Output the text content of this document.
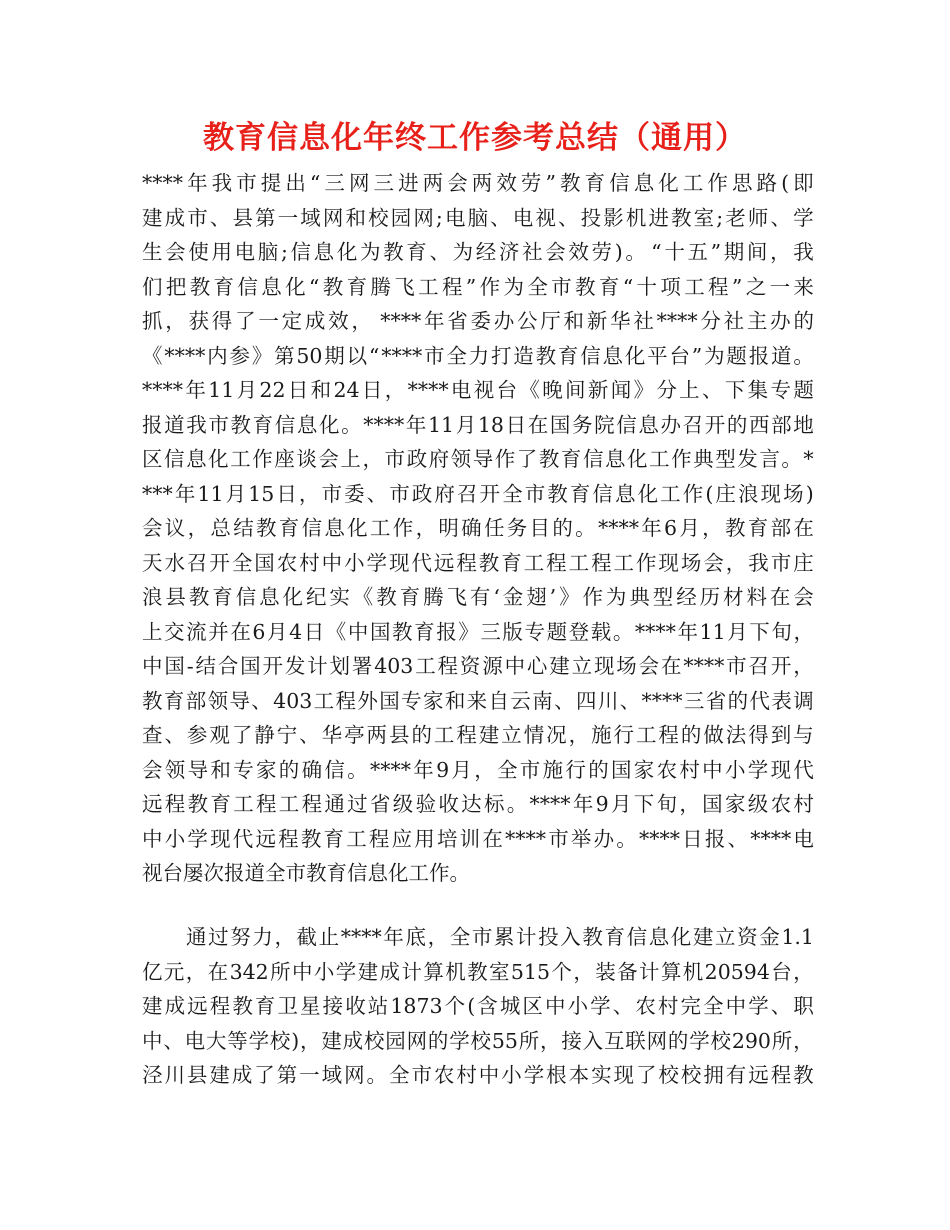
教育信息化年终工作参考总结（通用）
**** 年 我 市 提 出 “ 三 网 三 进 两 会 两 效 劳 ” 教 育 信 息 化 工 作 思 路 ( 即
建 成 市 、 县 第 一 域 网 和 校 园 网 ; 电 脑 、 电 视 、 投 影 机 进 教 室 ; 老 师 、 学
生 会 使 用 电 脑 ; 信 息 化 为 教 育 、 为 经 济 社 会 效 劳 ) 。 “ 十 五 ” 期 间 ， 我
们 把 教 育 信 息 化 “ 教 育 腾 飞 工 程 ” 作 为 全 市 教 育 “ 十 项 工 程 ” 之 一 来
抓 ， 获 得 了 一 定 成 效 ， **** 年 省 委 办 公 厅 和 新 华 社 **** 分 社 主 办 的
《 **** 内 参 》 第 50 期 以 “ **** 市 全 力 打 造 教 育 信 息 化 平 台 ” 为 题 报 道 。
**** 年 11 月 22 日 和 24 日 ， **** 电 视 台 《 晚 间 新 闻 》 分 上 、 下 集 专 题
报 道 我 市 教 育 信 息 化 。 **** 年 11 月 18 日 在 国 务 院 信 息 办 召 开 的 西 部 地
区 信 息 化 工 作 座 谈 会 上 ， 市 政 府 领 导 作 了 教 育 信 息 化 工 作 典 型 发 言 。 *
*** 年 11 月 15 日 ， 市 委 、 市 政 府 召 开 全 市 教 育 信 息 化 工 作 ( 庄 浪 现 场 )
会 议 ， 总 结 教 育 信 息 化 工 作 ， 明 确 任 务 目 的 。 **** 年 6 月 ， 教 育 部 在
天 水 召 开 全 国 农 村 中 小 学 现 代 远 程 教 育 工 程 工 程 工 作 现 场 会 ， 我 市 庄
浪 县 教 育 信 息 化 纪 实 《 教 育 腾 飞 有 ‘ 金 翅 ’ 》 作 为 典 型 经 历 材 料 在 会
上 交 流 并 在 6 月 4 日 《 中 国 教 育 报 》 三 版 专 题 登 载 。 **** 年 11 月 下 旬 ，
中 国 - 结 合 国 开 发 计 划 署 403 工 程 资 源 中 心 建 立 现 场 会 在 **** 市 召 开 ，
教 育 部 领 导 、 403 工 程 外 国 专 家 和 来 自 云 南 、 四 川 、 **** 三 省 的 代 表 调
查 、 参 观 了 静 宁 、 华 亭 两 县 的 工 程 建 立 情 况 ， 施 行 工 程 的 做 法 得 到 与
会 领 导 和 专 家 的 确 信 。 **** 年 9 月 ， 全 市 施 行 的 国 家 农 村 中 小 学 现 代
远 程 教 育 工 程 工 程 通 过 省 级 验 收 达 标 。 **** 年 9 月 下 旬 ， 国 家 级 农 村
中 小 学 现 代 远 程 教 育 工 程 应 用 培 训 在 **** 市 举 办 。 **** 日 报 、 **** 电
视台屡次报道全市教育信息化工作。
通 过 努 力 ， 截 止 **** 年 底 ， 全 市 累 计 投 入 教 育 信 息 化 建 立 资 金 1.1
亿 元 ， 在 342 所 中 小 学 建 成 计 算 机 教 室 515 个 ， 装 备 计 算 机 20594 台 ，
建 成 远 程 教 育 卫 星 接 收 站 1873 个 ( 含 城 区 中 小 学 、 农 村 完 全 中 学 、 职
中 、 电 大 等 学 校 ) ， 建 成 校 园 网 的 学 校 55 所 ， 接 入 互 联 网 的 学 校 290 所 ，
泾 川 县 建 成 了 第 一 域 网 。 全 市 农 村 中 小 学 根 本 实 现 了 校 校 拥 有 远 程 教
